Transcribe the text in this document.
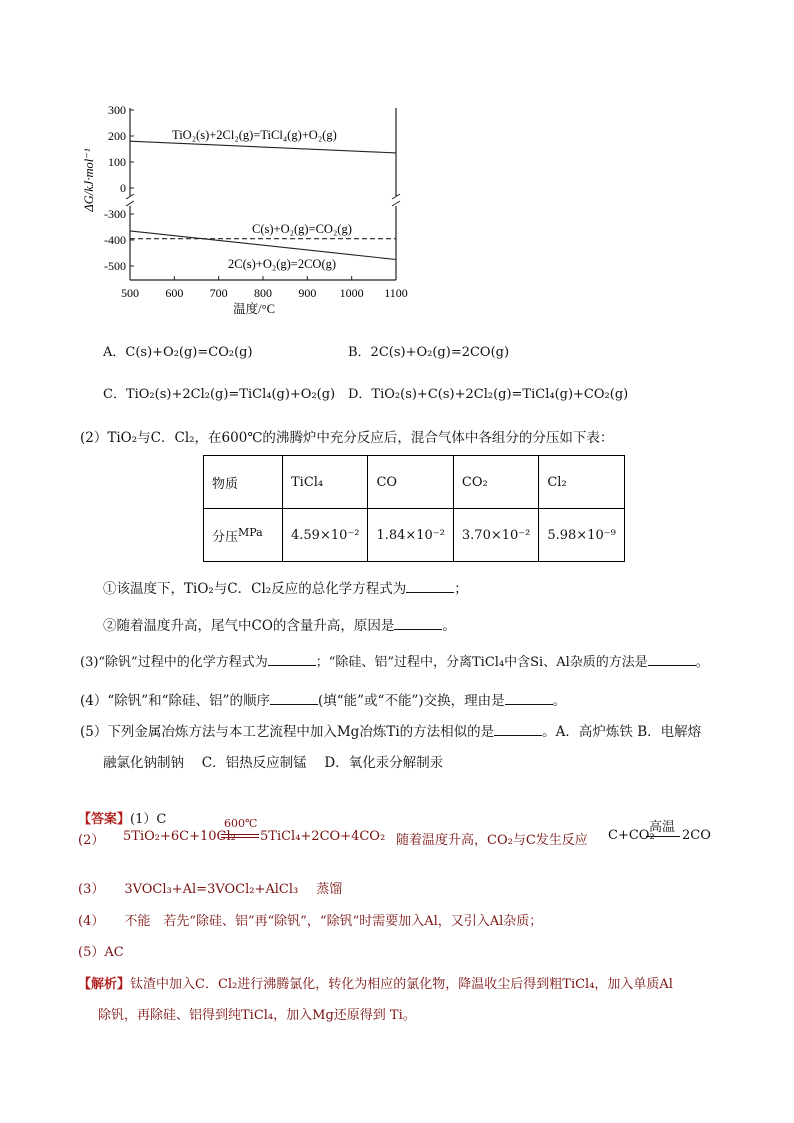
300
200
100
0
-300
-400
-500
500 600 700 800 900 1000 1100
温度/°C
ΔG/kJ·mol⁻¹
TiO₂(s)+2Cl₂(g)=TiCl₄(g)+O₂(g)
C(s)+O₂(g)=CO₂(g)
2C(s)+O₂(g)=2CO(g)
A．C(s)+O₂(g)=CO₂(g)	B．2C(s)+O₂(g)=2CO(g)
C．TiO₂(s)+2Cl₂(g)=TiCl₄(g)+O₂(g) D．TiO₂(s)+C(s)+2Cl₂(g)=TiCl₄(g)+CO₂(g)
(2）TiO₂与C．Cl₂，在600℃的沸腾炉中充分反应后，混合气体中各组分的分压如下表：
物质	TiCl₄	CO	CO₂	Cl₂
分压$^{MPa}$	4.59×10⁻²	1.84×10⁻²	3.70×10⁻²	5.98×10⁻⁹
①该温度下，TiO₂与C．Cl₂反应的总化学方程式为	；
②随着温度升高，尾气中CO的含量升高，原因是	。
(3)“除钒”过程中的化学方程式为	；“除硅、铝”过程中，分离TiCl₄中含Si、Al杂质的方法是	。
(4）“除钒”和“除硅、铝”的顺序	(填“能”或“不能”)交换，理由是	。
(5）下列金属冶炼方法与本工艺流程中加入Mg冶炼Ti的方法相似的是	。A．高炉炼铁 B．电解熔
融氯化钠制钠　 C．铝热反应制锰　 D．氧化汞分解制汞
【答案】(1）C
(2） 5TiO₂+6C+10Cl₂
600℃
5TiCl₄+2CO+4CO₂ 随着温度升高，CO₂与C发生反应 C+CO₂
高温
2CO
(3） 3VOCl₃+Al=3VOCl₂+AlCl₃ 蒸馏
(4） 不能　若先“除硅、铝”再“除钒”，“除钒”时需要加入Al，又引入Al杂质；
(5）AC
【解析】钛渣中加入C．Cl₂进行沸腾氯化，转化为相应的氯化物，降温收尘后得到粗TiCl₄，加入单质Al
除钒，再除硅、铝得到纯TiCl₄，加入Mg还原得到 Ti。
